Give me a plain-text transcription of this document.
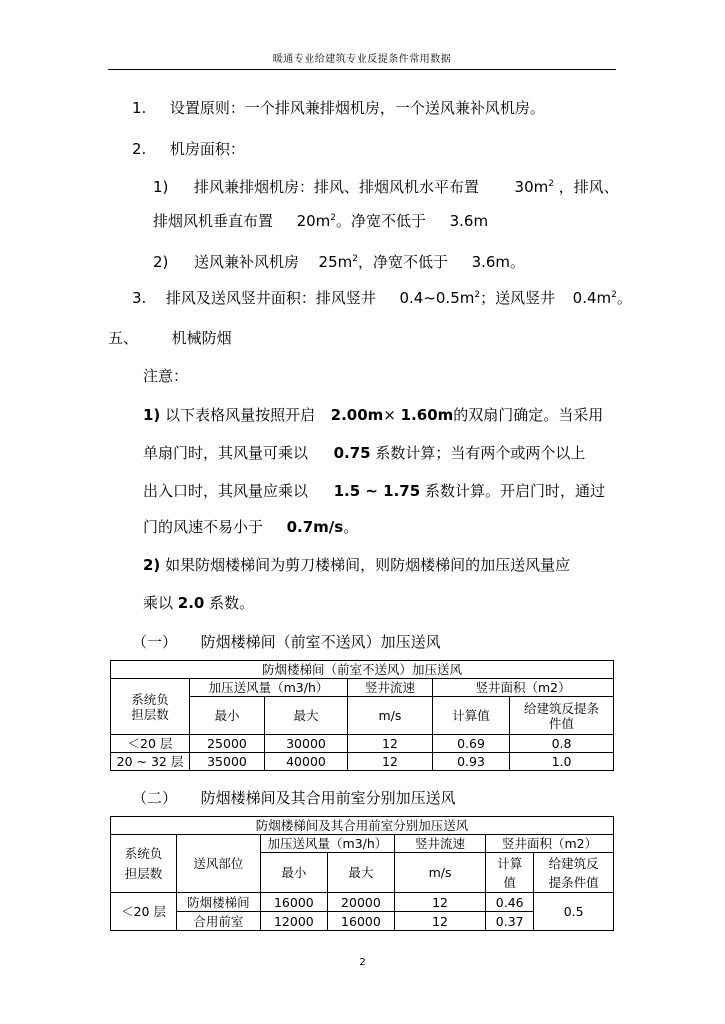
暖通专业给建筑专业反提条件常用数据
1. 设置原则：一个排风兼排烟机房，一个送风兼补风机房。
2. 机房面积：
1) 排风兼排烟机房：排风、排烟风机水平布置 $30m^2$ ，排风、
排烟风机垂直布置 $20m^2$。净宽不低于 3.6m
2) 送风兼补风机房 $25m^2$，净宽不低于 3.6m。
3. 排风及送风竖井面积：排风竖井 $0.4\sim 0.5m^2$；送风竖井 $0.4m^2$。
五、 机械防烟
注意：
1) 以下表格风量按照开启 2.00m× 1.60m的双扇门确定。当采用
单扇门时，其风量可乘以 0.75 系数计算；当有两个或两个以上
出入口时，其风量应乘以 1.5 ~ 1.75 系数计算。开启门时，通过
门的风速不易小于 0.7m/s。
2) 如果防烟楼梯间为剪刀楼梯间，则防烟楼梯间的加压送风量应
乘以 2.0 系数。
（一） 防烟楼梯间（前室不送风）加压送风
防烟楼梯间（前室不送风）加压送风					

系统负担层数	加压送风量（m3/h）		竖井流速	竖井面积（m2）	
	最小	最大	m/s	计算值	给建筑反提条件值

＜20 层	25000	30000	12	0.69	0.8
20 ~ 32 层	35000	40000	12	0.93	1.0
（二） 防烟楼梯间及其合用前室分别加压送风
防烟楼梯间及其合用前室分别加压送风						

系统负担层数	送风部位	加压送风量（m3/h）		竖井流速	竖井面积（m2）	
		最小	最大	m/s	计算值	给建筑反提条件值

＜20 层	防烟楼梯间	16000	20000	12	0.46	0.5
	合用前室	12000	16000	12	0.37	
2
